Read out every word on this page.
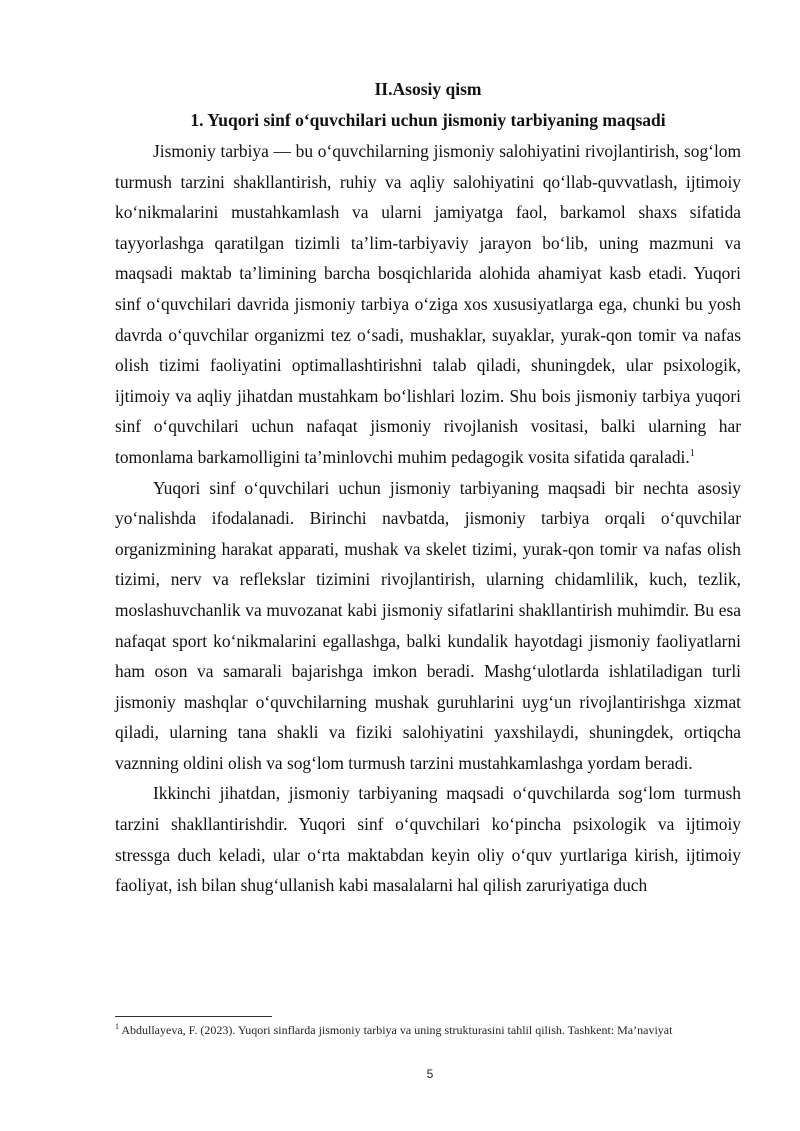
II.Asosiy qism

1. Yuqori sinf o‘quvchilari uchun jismoniy tarbiyaning maqsadi

Jismoniy tarbiya — bu o‘quvchilarning jismoniy salohiyatini rivojlantirish, sog‘lom turmush tarzini shakllantirish, ruhiy va aqliy salohiyatini qo‘llab-quvvatlash, ijtimoiy ko‘nikmalarini mustahkamlash va ularni jamiyatga faol, barkamol shaxs sifatida tayyorlashga qaratilgan tizimli ta’lim-tarbiyaviy jarayon bo‘lib, uning mazmuni va maqsadi maktab ta’limining barcha bosqichlarida alohida ahamiyat kasb etadi. Yuqori sinf o‘quvchilari davrida jismoniy tarbiya o‘ziga xos xususiyatlarga ega, chunki bu yosh davrda o‘quvchilar organizmi tez o‘sadi, mushaklar, suyaklar, yurak-qon tomir va nafas olish tizimi faoliyatini optimallashtirishni talab qiladi, shuningdek, ular psixologik, ijtimoiy va aqliy jihatdan mustahkam bo‘lishlari lozim. Shu bois jismoniy tarbiya yuqori sinf o‘quvchilari uchun nafaqat jismoniy rivojlanish vositasi, balki ularning har tomonlama barkamolligini ta’minlovchi muhim pedagogik vosita sifatida qaraladi.$^1$

Yuqori sinf o‘quvchilari uchun jismoniy tarbiyaning maqsadi bir nechta asosiy yo‘nalishda ifodalanadi. Birinchi navbatda, jismoniy tarbiya orqali o‘quvchilar organizmining harakat apparati, mushak va skelet tizimi, yurak-qon tomir va nafas olish tizimi, nerv va reflekslar tizimini rivojlantirish, ularning chidamlilik, kuch, tezlik, moslashuvchanlik va muvozanat kabi jismoniy sifatlarini shakllantirish muhimdir. Bu esa nafaqat sport ko‘nikmalarini egallashga, balki kundalik hayotdagi jismoniy faoliyatlarni ham oson va samarali bajarishga imkon beradi. Mashg‘ulotlarda ishlatiladigan turli jismoniy mashqlar o‘quvchilarning mushak guruhlarini uyg‘un rivojlantirishga xizmat qiladi, ularning tana shakli va fiziki salohiyatini yaxshilaydi, shuningdek, ortiqcha vaznning oldini olish va sog‘lom turmush tarzini mustahkamlashga yordam beradi.

Ikkinchi jihatdan, jismoniy tarbiyaning maqsadi o‘quvchilarda sog‘lom turmush tarzini shakllantirishdir. Yuqori sinf o‘quvchilari ko‘pincha psixologik va ijtimoiy stressga duch keladi, ular o‘rta maktabdan keyin oliy o‘quv yurtlariga kirish, ijtimoiy faoliyat, ish bilan shug‘ullanish kabi masalalarni hal qilish zaruriyatiga duch

$^1$ Abdullayeva, F. (2023). Yuqori sinflarda jismoniy tarbiya va uning strukturasini tahlil qilish. Tashkent: Ma’naviyat
5
